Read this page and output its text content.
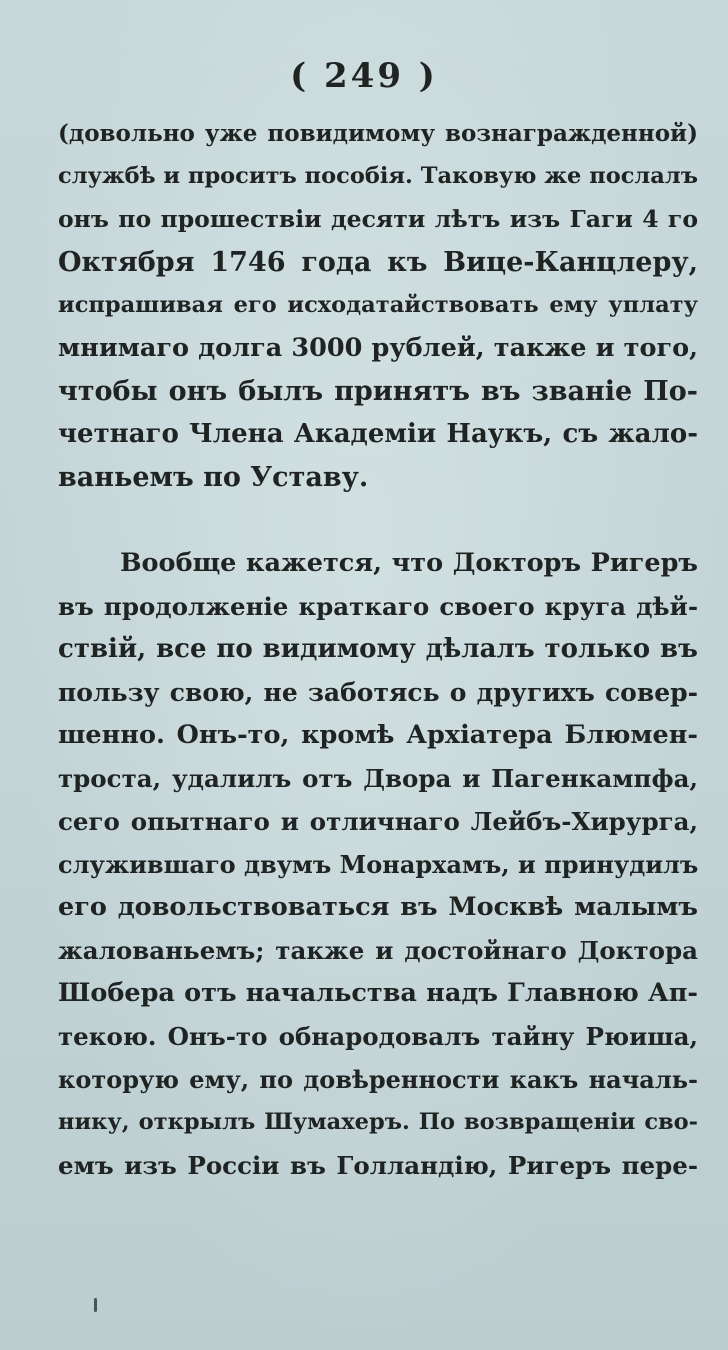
( 249 )
(довольно уже повидимому вознагражденной)
службѣ и проситъ пособія. Таковую же послалъ
онъ по прошествіи десяти лѣтъ изъ Гаги 4 го
Октября 1746 года къ Вице-Канцлеру,
испрашивая его исходатайствовать ему уплату
мнимаго долга 3000 рублей, также и того,
чтобы онъ былъ принятъ въ званіе По-
четнаго Члена Академіи Наукъ, съ жало-
ваньемъ по Уставу.
Вообще кажется, что Докторъ Ригеръ
въ продолженіе краткаго своего круга дѣй-
ствій, все по видимому дѣлалъ только въ
пользу свою, не заботясь о другихъ совер-
шенно. Онъ-то, кромѣ Архіатера Блюмен-
троста, удалилъ отъ Двора и Пагенкампфа,
сего опытнаго и отличнаго Лейбъ-Хирурга,
служившаго двумъ Монархамъ, и принудилъ
его довольствоваться въ Москвѣ малымъ
жалованьемъ; также и достойнаго Доктора
Шобера отъ начальства надъ Главною Ап-
текою. Онъ-то обнародовалъ тайну Рюиша,
которую ему, по довѣренности какъ началь-
нику, открылъ Шумахеръ. По возвращеніи сво-
емъ изъ Россіи въ Голландію, Ригеръ пере-
